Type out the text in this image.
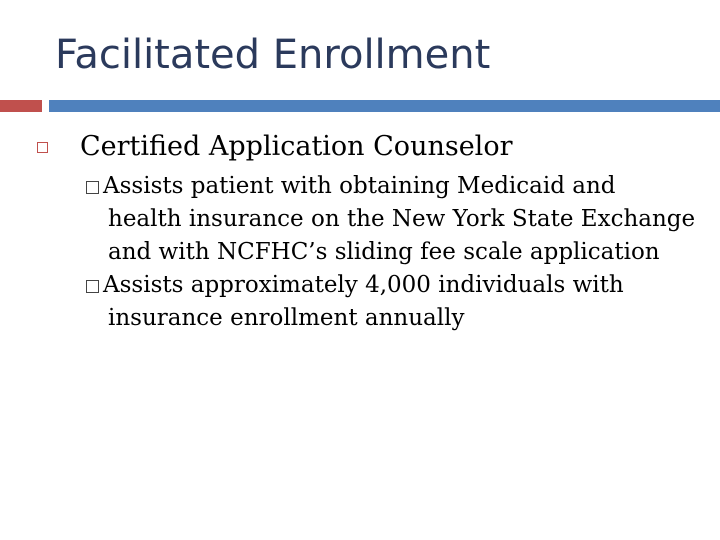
Facilitated Enrollment
Certified Application Counselor
Assists patient with obtaining Medicaid and
health insurance on the New York State Exchange
and with NCFHC’s sliding fee scale application
Assists approximately 4,000 individuals with
insurance enrollment annually
